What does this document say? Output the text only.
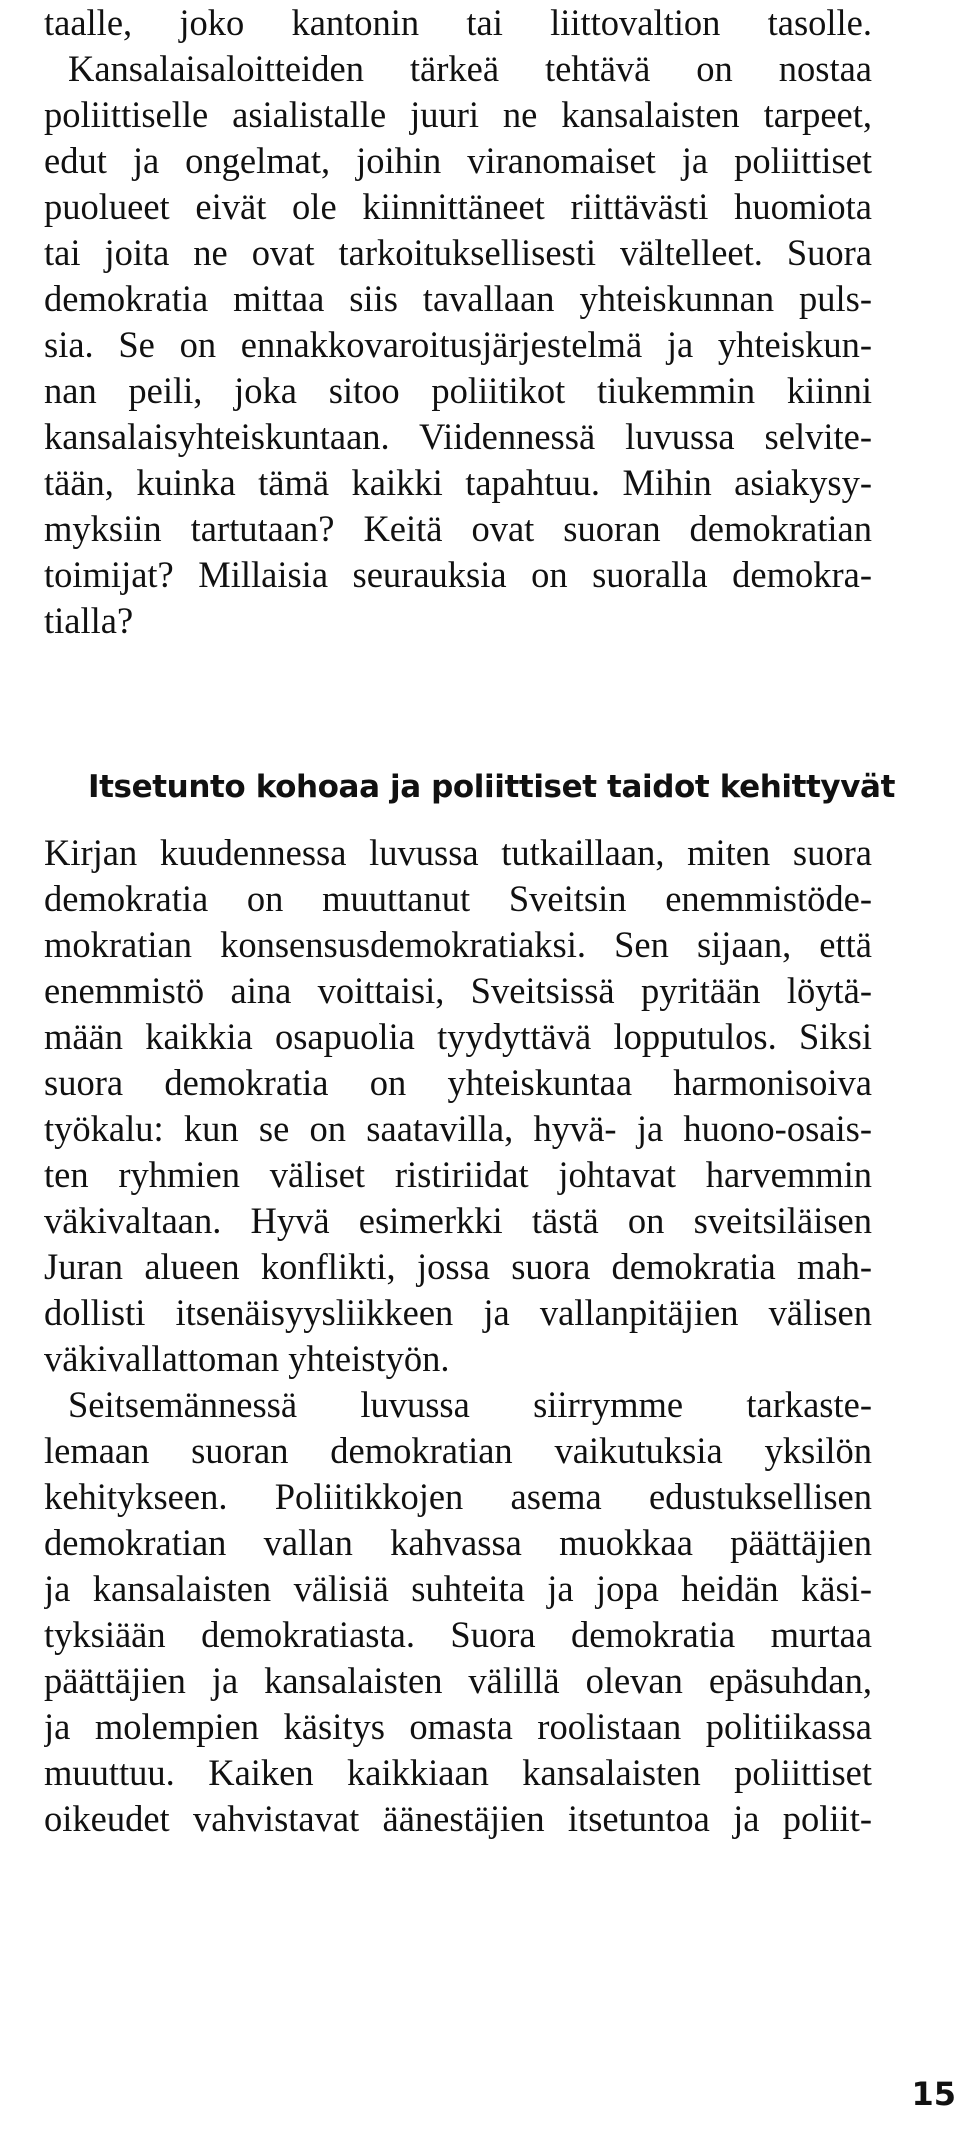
taalle, joko kantonin tai liittovaltion tasolle.
Kansalaisaloitteiden tärkeä tehtävä on nostaa
poliittiselle asialistalle juuri ne kansalaisten tarpeet,
edut ja ongelmat, joihin viranomaiset ja poliittiset
puolueet eivät ole kiinnittäneet riittävästi huomiota
tai joita ne ovat tarkoituksellisesti vältelleet. Suora
demokratia mittaa siis tavallaan yhteiskunnan puls-
sia. Se on ennakkovaroitusjärjestelmä ja yhteiskun-
nan peili, joka sitoo poliitikot tiukemmin kiinni
kansalaisyhteiskuntaan. Viidennessä luvussa selvite-
tään, kuinka tämä kaikki tapahtuu. Mihin asiakysy-
myksiin tartutaan? Keitä ovat suoran demokratian
toimijat? Millaisia seurauksia on suoralla demokra-
tialla?
Itsetunto kohoaa ja poliittiset taidot kehittyvät
Kirjan kuudennessa luvussa tutkaillaan, miten suora
demokratia on muuttanut Sveitsin enemmistöde-
mokratian konsensusdemokratiaksi. Sen sijaan, että
enemmistö aina voittaisi, Sveitsissä pyritään löytä-
mään kaikkia osapuolia tyydyttävä lopputulos. Siksi
suora demokratia on yhteiskuntaa harmonisoiva
työkalu: kun se on saatavilla, hyvä- ja huono-osais-
ten ryhmien väliset ristiriidat johtavat harvemmin
väkivaltaan. Hyvä esimerkki tästä on sveitsiläisen
Juran alueen konflikti, jossa suora demokratia mah-
dollisti itsenäisyysliikkeen ja vallanpitäjien välisen
väkivallattoman yhteistyön.
Seitsemännessä luvussa siirrymme tarkaste-
lemaan suoran demokratian vaikutuksia yksilön
kehitykseen. Poliitikkojen asema edustuksellisen
demokratian vallan kahvassa muokkaa päättäjien
ja kansalaisten välisiä suhteita ja jopa heidän käsi-
tyksiään demokratiasta. Suora demokratia murtaa
päättäjien ja kansalaisten välillä olevan epäsuhdan,
ja molempien käsitys omasta roolistaan politiikassa
muuttuu. Kaiken kaikkiaan kansalaisten poliittiset
oikeudet vahvistavat äänestäjien itsetuntoa ja poliit-
15
